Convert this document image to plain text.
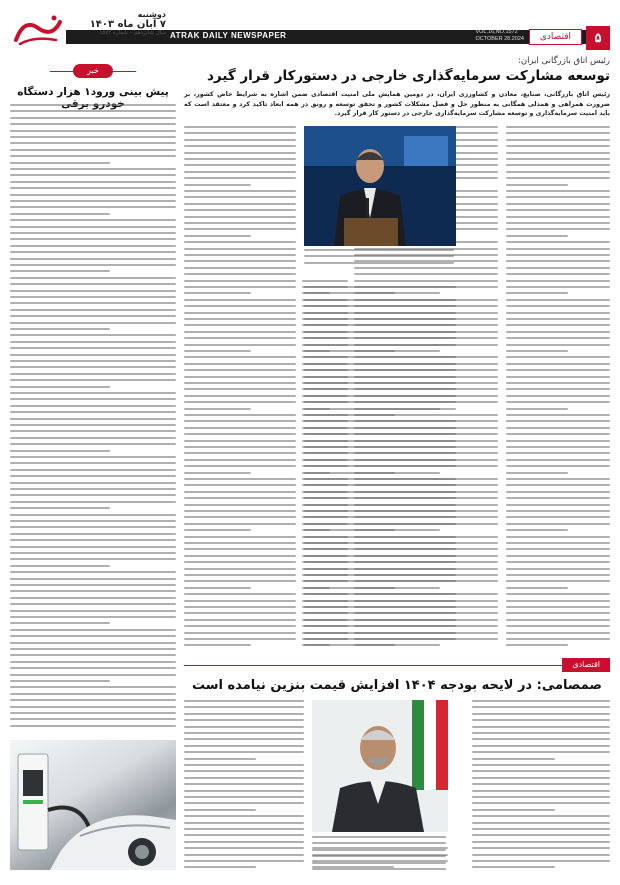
۵
اقتصادی
VOL.16,NO.1572
OCTOBER 28.2024
ATRAK DAILY NEWSPAPER
دوشنبه
۷ آبان ماه ۱۴۰۳
سال شانزدهم – شماره ۱۵۷۲
خبر
پیش بینی ورود۱ هزار دستگاه
رئیس اتاق بازرگانی ایران:
توسعه مشارکت سرمایه‌گذاری خارجی در دستورکار قرار گیرد
رئیس اتاق بازرگانی، صنایع، معادن و کشاورزی ایران، در دومین همایش ملی امنیت اقتصادی ضمن اشاره به شرایط خاص کشور، بر ضرورت همراهی و همدلی همگانی به منظور حل و فصل مشکلات کشور و تحقق توسعه و رونق در همه ابعاد تاکید کرد و معتقد است که باید امنیت سرمایه‌گذاری و توسعه مشارکت سرمایه‌گذاری خارجی در دستور کار قرار گیرد.
اقتصادی
صمصامی: در لایحه بودجه ۱۴۰۴ افزایش قیمت بنزین نیامده است
